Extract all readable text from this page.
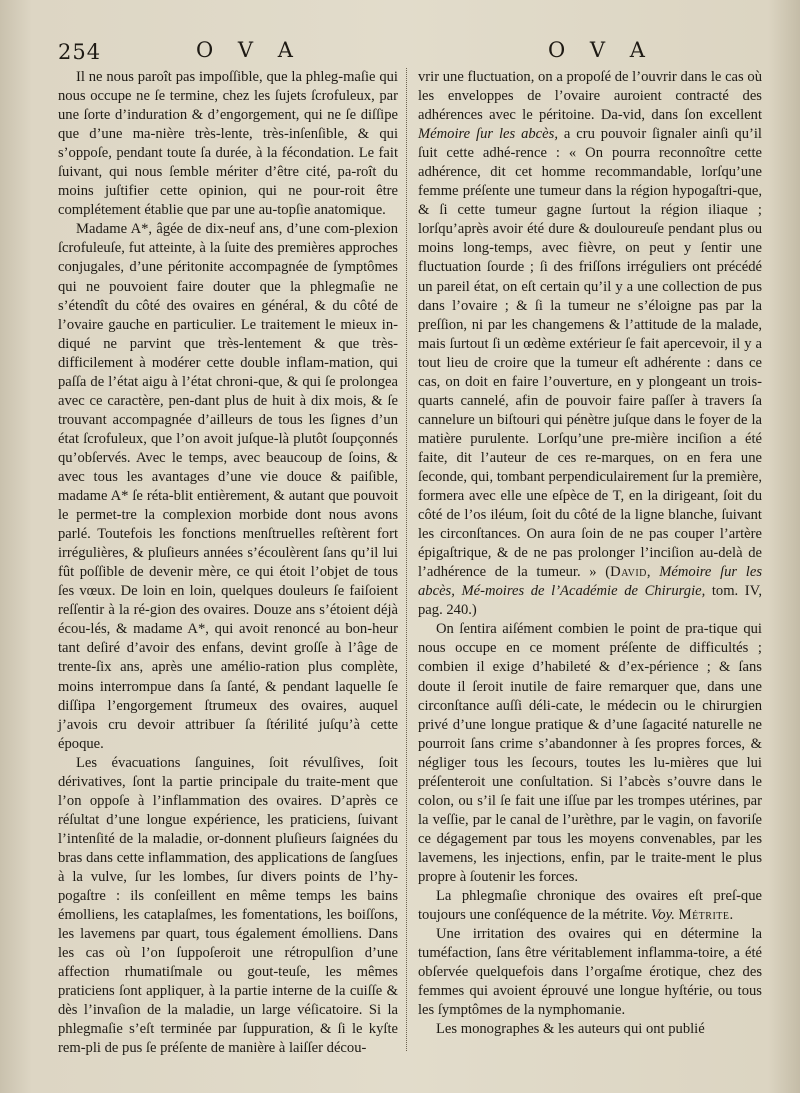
254	O V A	O V A

Il ne nous paroît pas impoſſible, que la phleg-maſie qui nous occupe ne ſe termine, chez les ſujets ſcrofuleux, par une ſorte d’induration & d’engorgement, qui ne ſe diſſipe que d’une ma-nière très-lente, très-inſenſible, & qui s’oppoſe, pendant toute ſa durée, à la fécondation. Le fait ſuivant, qui nous ſemble mériter d’être cité, pa-roît du moins juſtifier cette opinion, qui ne pour-roit être complétement établie que par une au-topſie anatomique.

Madame A*, âgée de dix-neuf ans, d’une com-plexion ſcrofuleuſe, fut atteinte, à la ſuite des premières approches conjugales, d’une péritonite accompagnée de ſymptômes qui ne pouvoient faire douter que la phlegmaſie ne s’étendît du côté des ovaires en général, & du côté de l’ovaire gauche en particulier. Le traitement le mieux in-diqué ne parvint que très-lentement & que très-difficilement à modérer cette double inflam-mation, qui paſſa de l’état aigu à l’état chroni-que, & qui ſe prolongea avec ce caractère, pen-dant plus de huit à dix mois, & ſe trouvant accompagnée d’ailleurs de tous les ſignes d’un état ſcrofuleux, que l’on avoit juſque-là plutôt ſoupçonnés qu’obſervés. Avec le temps, avec beaucoup de ſoins, & avec tous les avantages d’une vie douce & paiſible, madame A* ſe réta-blit entièrement, & autant que pouvoit le permet-tre la complexion morbide dont nous avons parlé. Toutefois les fonctions menſtruelles reſtèrent fort irrégulières, & pluſieurs années s’écoulèrent ſans qu’il lui fût poſſible de devenir mère, ce qui étoit l’objet de tous ſes vœux. De loin en loin, quelques douleurs ſe faiſoient reſſentir à la ré-gion des ovaires. Douze ans s’étoient déjà écou-lés, & madame A*, qui avoit renoncé au bon-heur tant deſiré d’avoir des enfans, devint groſſe à l’âge de trente-ſix ans, après une amélio-ration plus complète, moins interrompue dans ſa ſanté, & pendant laquelle ſe diſſipa l’engorgement ſtrumeux des ovaires, auquel j’avois cru devoir attribuer ſa ſtérilité juſqu’à cette époque.

Les évacuations ſanguines, ſoit révulſives, ſoit dérivatives, ſont la partie principale du traite-ment que l’on oppoſe à l’inflammation des ovaires. D’après ce réſultat d’une longue expérience, les praticiens, ſuivant l’intenſité de la maladie, or-donnent pluſieurs ſaignées du bras dans cette inflammation, des applications de ſangſues à la vulve, ſur les lombes, ſur divers points de l’hy-pogaſtre : ils conſeillent en même temps les bains émolliens, les cataplaſmes, les fomentations, les boiſſons, les lavemens par quart, tous également émolliens. Dans les cas où l’on ſuppoſeroit une rétropulſion d’une affection rhumatiſmale ou gout-teuſe, les mêmes praticiens ſont appliquer, à la partie interne de la cuiſſe & dès l’invaſion de la maladie, un large véſicatoire. Si la phlegmaſie s’eſt terminée par ſuppuration, & ſi le kyſte rem-pli de pus ſe préſente de manière à laiſſer décou-

vrir une fluctuation, on a propoſé de l’ouvrir dans le cas où les enveloppes de l’ovaire auroient contracté des adhérences avec le péritoine. Da-vid, dans ſon excellent Mémoire ſur les abcès, a cru pouvoir ſignaler ainſi qu’il ſuit cette adhé-rence : « On pourra reconnoître cette adhérence, dit cet homme recommandable, lorſqu’une femme préſente une tumeur dans la région hypogaſtri-que, & ſi cette tumeur gagne ſurtout la région iliaque ; lorſqu’après avoir été dure & douloureuſe pendant plus ou moins long-temps, avec fièvre, on peut y ſentir une fluctuation ſourde ; ſi des friſſons irréguliers ont précédé un pareil état, on eſt certain qu’il y a une collection de pus dans l’ovaire ; & ſi la tumeur ne s’éloigne pas par la preſſion, ni par les changemens & l’attitude de la malade, mais ſurtout ſi un œdème extérieur ſe fait apercevoir, il y a tout lieu de croire que la tumeur eſt adhérente : dans ce cas, on doit en faire l’ouverture, en y plongeant un trois-quarts cannelé, afin de pouvoir faire paſſer à travers ſa cannelure un biſtouri qui pénètre juſque dans le foyer de la matière purulente. Lorſqu’une pre-mière inciſion a été faite, dit l’auteur de ces re-marques, on en fera une ſeconde, qui, tombant perpendiculairement ſur la première, formera avec elle une eſpèce de T, en la dirigeant, ſoit du côté de l’os iléum, ſoit du côté de la ligne blanche, ſuivant les circonſtances. On aura ſoin de ne pas couper l’artère épigaſtrique, & de ne pas prolonger l’inciſion au-delà de l’adhérence de la tumeur. » (David, Mémoire ſur les abcès, Mé-moires de l’Académie de Chirurgie, tom. IV, pag. 240.)

On ſentira aiſément combien le point de pra-tique qui nous occupe en ce moment préſente de difficultés ; combien il exige d’habileté & d’ex-périence ; & ſans doute il ſeroit inutile de faire remarquer que, dans une circonſtance auſſi déli-cate, le médecin ou le chirurgien privé d’une longue pratique & d’une ſagacité naturelle ne pourroit ſans crime s’abandonner à ſes propres forces, & négliger tous les ſecours, toutes les lu-mières que lui préſenteroit une conſultation. Si l’abcès s’ouvre dans le colon, ou s’il ſe fait une iſſue par les trompes utérines, par la veſſie, par le canal de l’urèthre, par le vagin, on favoriſe ce dégagement par tous les moyens convenables, par les lavemens, les injections, enfin, par le traite-ment le plus propre à ſoutenir les forces.

La phlegmaſie chronique des ovaires eſt preſ-que toujours une conſéquence de la métrite. Voy. Métrite.

Une irritation des ovaires qui en détermine la tuméfaction, ſans être véritablement inflamma-toire, a été obſervée quelquefois dans l’orgaſme érotique, chez des femmes qui avoient éprouvé une longue hyſtérie, ou tous les ſymptômes de la nymphomanie.

Les monographes & les auteurs qui ont publié
